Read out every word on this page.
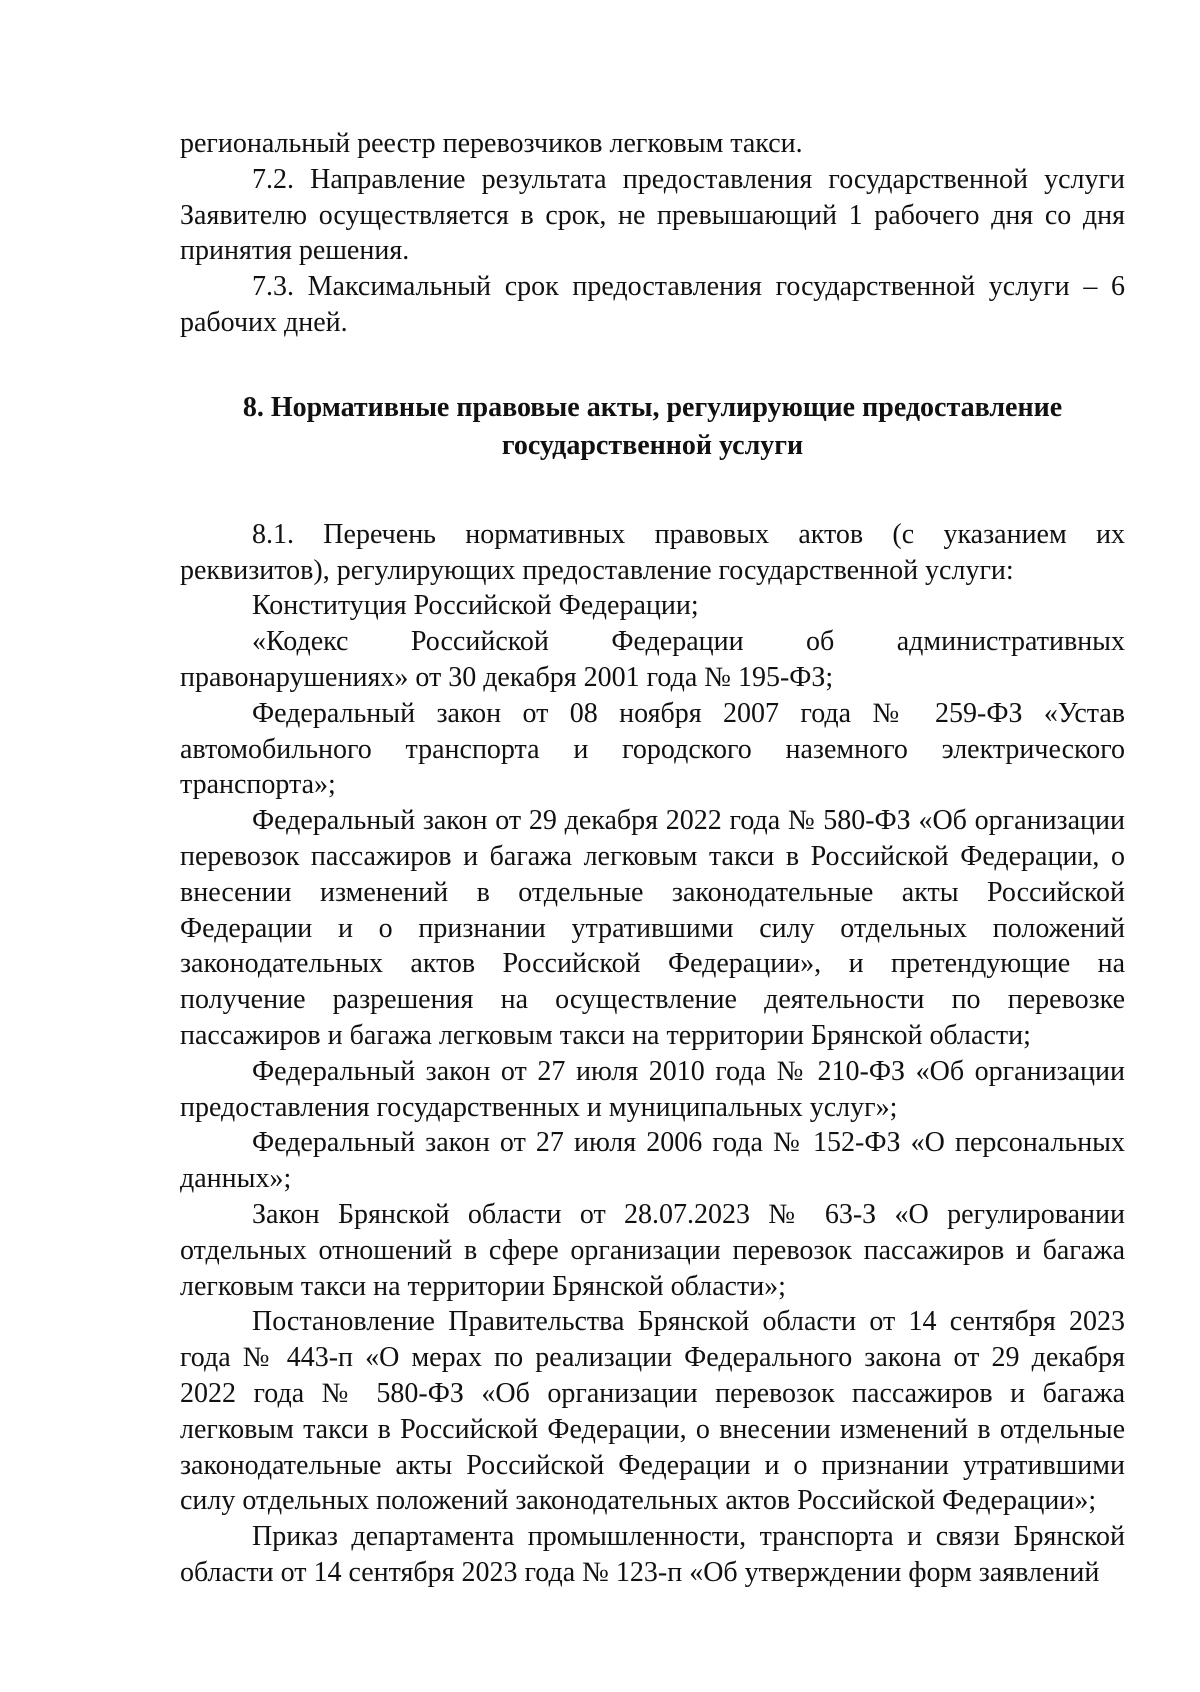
региональный реестр перевозчиков легковым такси.

7.2. Направление результата предоставления государственной услуги Заявителю осуществляется в срок, не превышающий 1 рабочего дня со дня принятия решения.

7.3. Максимальный срок предоставления государственной услуги – 6 рабочих дней.

8. Нормативные правовые акты, регулирующие предоставление
государственной услуги

8.1. Перечень нормативных правовых актов (с указанием их реквизитов), регулирующих предоставление государственной услуги:

Конституция Российской Федерации;

«Кодекс Российской Федерации об административных правонарушениях» от 30 декабря 2001 года № 195-ФЗ;

Федеральный закон от 08 ноября 2007 года № 259-ФЗ «Устав автомобильного транспорта и городского наземного электрического транспорта»;

Федеральный закон от 29 декабря 2022 года № 580-ФЗ «Об организации перевозок пассажиров и багажа легковым такси в Российской Федерации, о внесении изменений в отдельные законодательные акты Российской Федерации и о признании утратившими силу отдельных положений законодательных актов Российской Федерации», и претендующие на получение разрешения на осуществление деятельности по перевозке пассажиров и багажа легковым такси на территории Брянской области;

Федеральный закон от 27 июля 2010 года № 210-ФЗ «Об организации предоставления государственных и муниципальных услуг»;

Федеральный закон от 27 июля 2006 года № 152-ФЗ «О персональных данных»;

Закон Брянской области от 28.07.2023 № 63-З «О регулировании отдельных отношений в сфере организации перевозок пассажиров и багажа легковым такси на территории Брянской области»;

Постановление Правительства Брянской области от 14 сентября 2023 года № 443-п «О мерах по реализации Федерального закона от 29 декабря 2022 года № 580-ФЗ «Об организации перевозок пассажиров и багажа легковым такси в Российской Федерации, о внесении изменений в отдельные законодательные акты Российской Федерации и о признании утратившими силу отдельных положений законодательных актов Российской Федерации»;

Приказ департамента промышленности, транспорта и связи Брянской области от 14 сентября 2023 года № 123-п «Об утверждении форм заявлений
